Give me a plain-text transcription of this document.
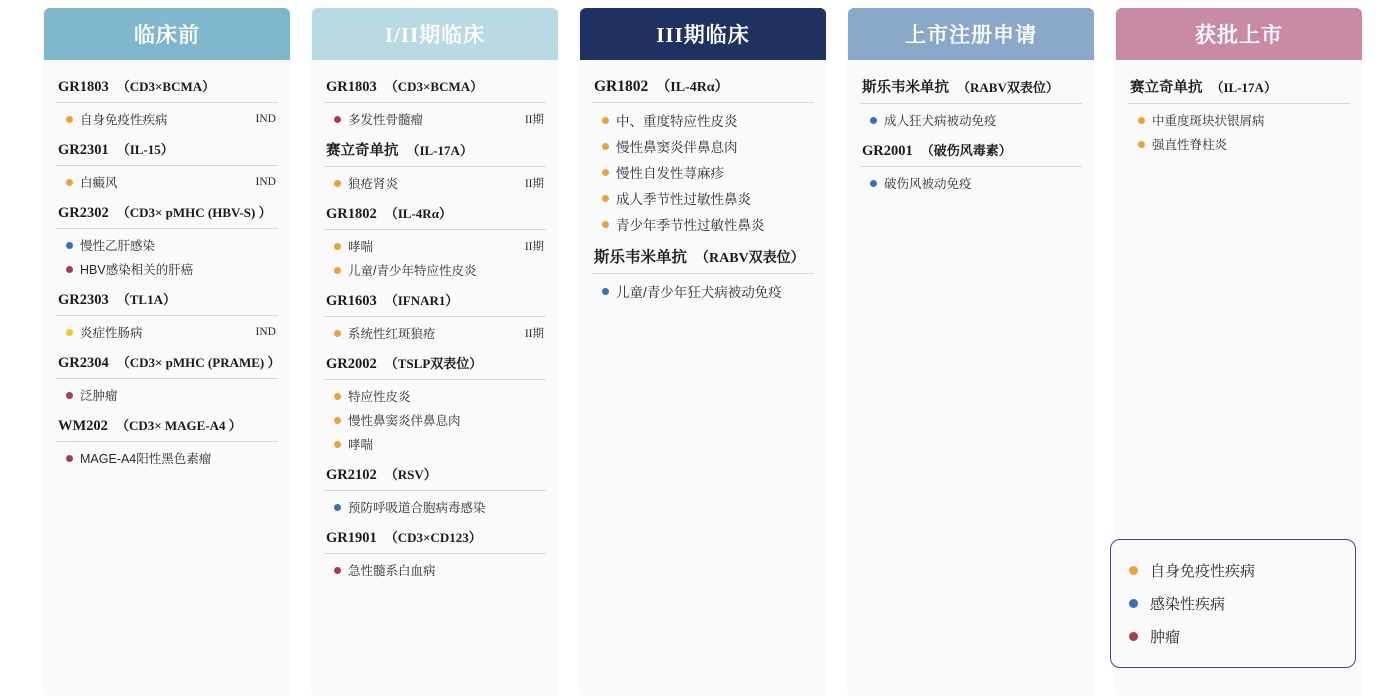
临床前
GR1803 （CD3×BCMA）
自身免疫性疾病	IND
GR2301 （IL-15）
白癜风	IND
GR2302 （CD3× pMHC (HBV-S) ）
慢性乙肝感染
HBV感染相关的肝癌
GR2303 （TL1A）
炎症性肠病	IND
GR2304 （CD3× pMHC (PRAME) ）
泛肿瘤
WM202 （CD3× MAGE-A4 ）
MAGE-A4阳性黑色素瘤
I/II期临床
GR1803 （CD3×BCMA）
多发性骨髓瘤	II期
赛立奇单抗 （IL-17A）
狼疮肾炎	II期
GR1802 （IL-4Rα）
哮喘	II期
儿童/青少年特应性皮炎
GR1603 （IFNAR1）
系统性红斑狼疮	II期
GR2002 （TSLP双表位）
特应性皮炎
慢性鼻窦炎伴鼻息肉
哮喘
GR2102 （RSV）
预防呼吸道合胞病毒感染
GR1901 （CD3×CD123）
急性髓系白血病
III期临床
GR1802 （IL-4Rα）
中、重度特应性皮炎
慢性鼻窦炎伴鼻息肉
慢性自发性荨麻疹
成人季节性过敏性鼻炎
青少年季节性过敏性鼻炎
斯乐韦米单抗 （RABV双表位）
儿童/青少年狂犬病被动免疫
上市注册申请
斯乐韦米单抗 （RABV双表位）
成人狂犬病被动免疫
GR2001 （破伤风毒素）
破伤风被动免疫
获批上市
赛立奇单抗 （IL-17A）
中重度斑块状银屑病
强直性脊柱炎
自身免疫性疾病
感染性疾病
肿瘤
